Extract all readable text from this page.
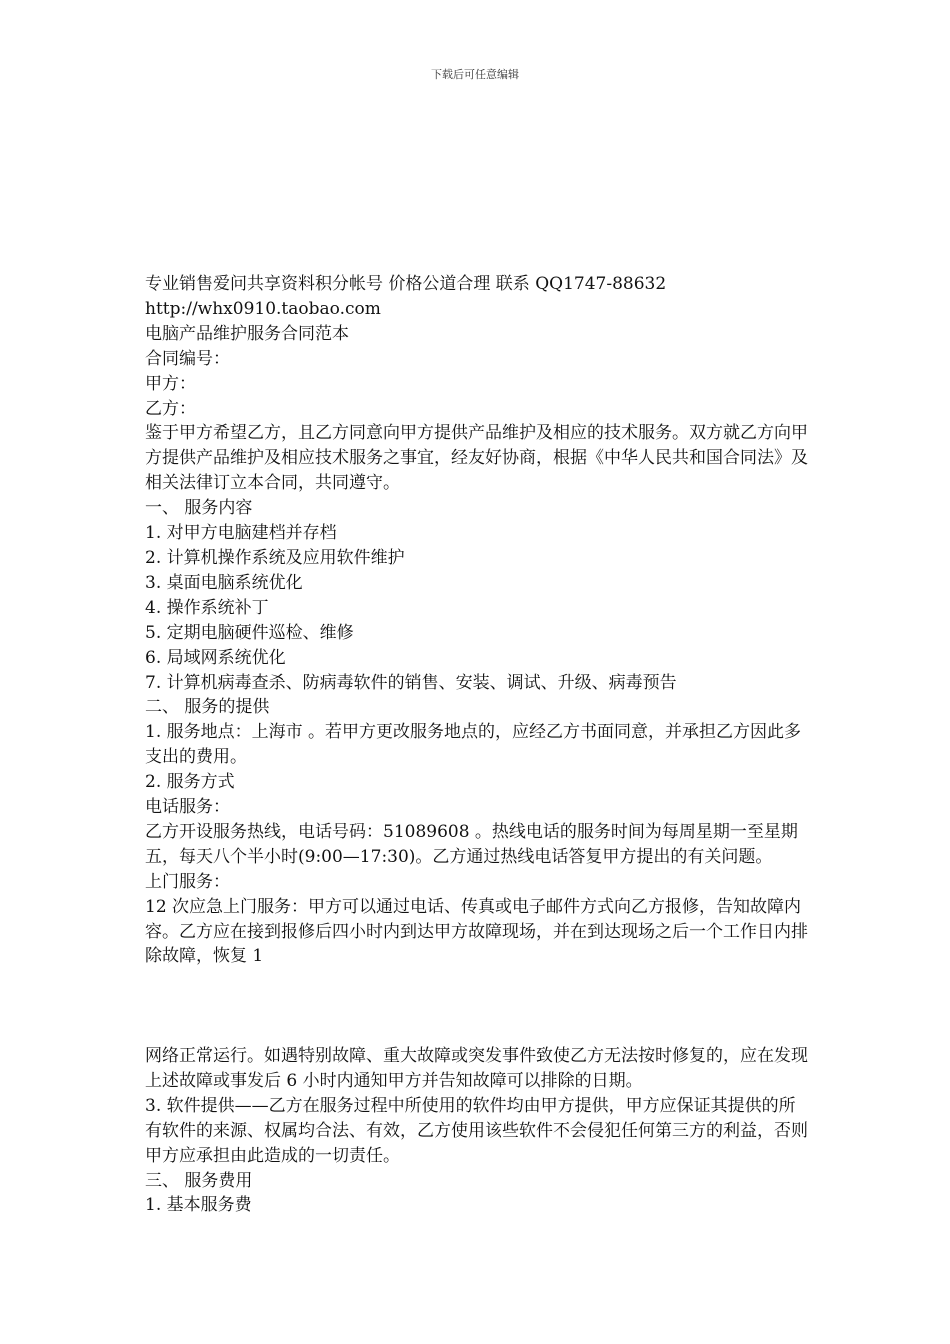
下载后可任意编辑

专业销售爱问共享资料积分帐号 价格公道合理 联系 QQ1747-88632

http://whx0910.taobao.com

电脑产品维护服务合同范本

合同编号：

甲方：

乙方：

鉴于甲方希望乙方，且乙方同意向甲方提供产品维护及相应的技术服务。双方就乙方向甲方提供产品维护及相应技术服务之事宜，经友好协商，根据《中华人民共和国合同法》及相关法律订立本合同，共同遵守。

一、 服务内容

1. 对甲方电脑建档并存档

2. 计算机操作系统及应用软件维护

3. 桌面电脑系统优化

4. 操作系统补丁

5. 定期电脑硬件巡检、维修

6. 局域网系统优化

7. 计算机病毒查杀、防病毒软件的销售、安装、调试、升级、病毒预告

二、 服务的提供

1. 服务地点：上海市 。若甲方更改服务地点的，应经乙方书面同意，并承担乙方因此多支出的费用。

2. 服务方式

电话服务：

乙方开设服务热线，电话号码：51089608 。热线电话的服务时间为每周星期一至星期五，每天八个半小时(9:00—17:30)。乙方通过热线电话答复甲方提出的有关问题。

上门服务：

12 次应急上门服务：甲方可以通过电话、传真或电子邮件方式向乙方报修，告知故障内容。乙方应在接到报修后四小时内到达甲方故障现场，并在到达现场之后一个工作日内排除故障，恢复 1

网络正常运行。如遇特别故障、重大故障或突发事件致使乙方无法按时修复的，应在发现上述故障或事发后 6 小时内通知甲方并告知故障可以排除的日期。

3. 软件提供——乙方在服务过程中所使用的软件均由甲方提供，甲方应保证其提供的所有软件的来源、权属均合法、有效，乙方使用该些软件不会侵犯任何第三方的利益，否则甲方应承担由此造成的一切责任。

三、 服务费用

1. 基本服务费
